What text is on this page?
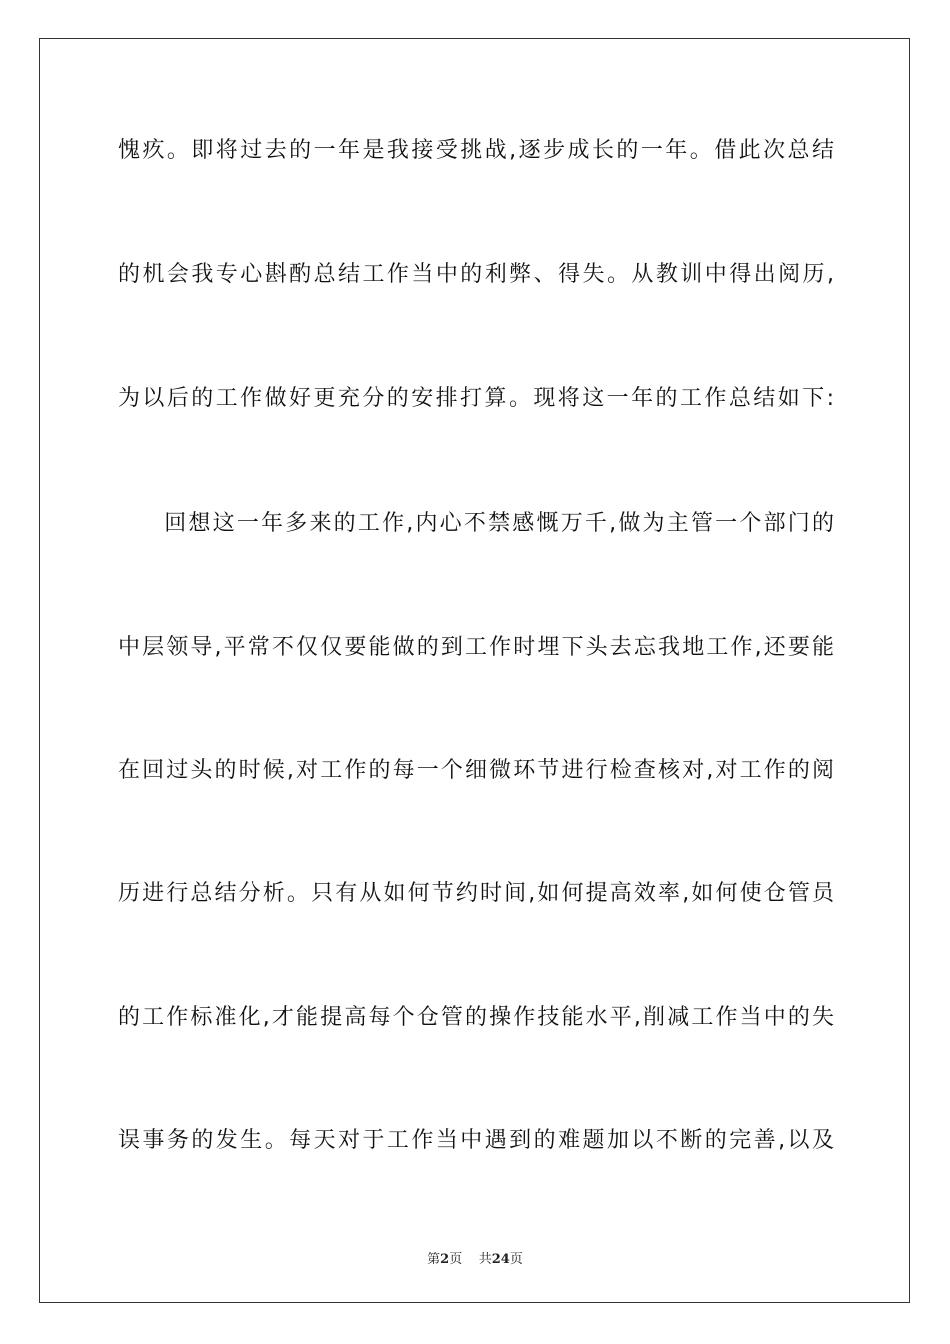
愧疚。即将过去的一年是我接受挑战,逐步成长的一年。借此次总结
的机会我专心斟酌总结工作当中的利弊、得失。从教训中得出阅历,
为以后的工作做好更充分的安排打算。现将这一年的工作总结如下:
回想这一年多来的工作,内心不禁感慨万千,做为主管一个部门的
中层领导,平常不仅仅要能做的到工作时埋下头去忘我地工作,还要能
在回过头的时候,对工作的每一个细微环节进行检查核对,对工作的阅
历进行总结分析。只有从如何节约时间,如何提高效率,如何使仓管员
的工作标准化,才能提高每个仓管的操作技能水平,削减工作当中的失
误事务的发生。每天对于工作当中遇到的难题加以不断的完善,以及
第2页 共24页
